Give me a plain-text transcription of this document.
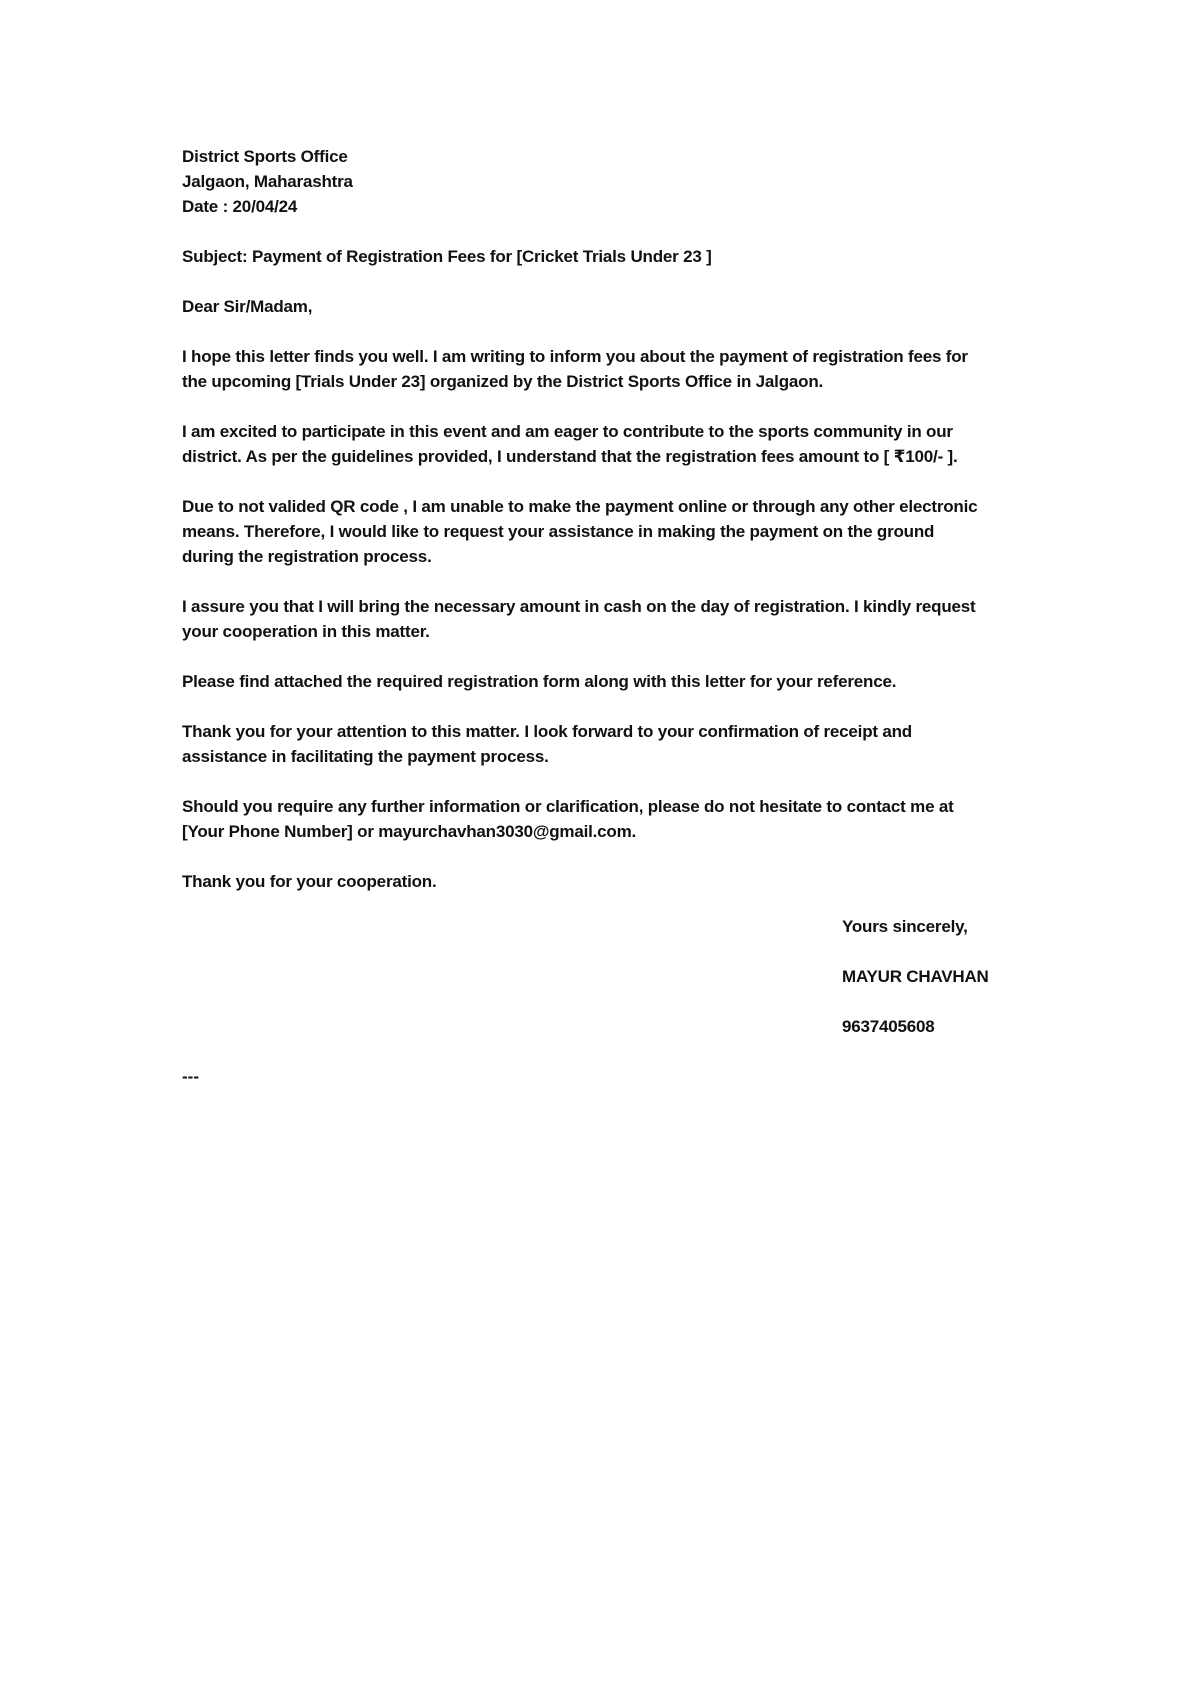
District Sports Office
Jalgaon, Maharashtra
Date : 20/04/24
Subject: Payment of Registration Fees for [Cricket Trials Under 23 ]
Dear Sir/Madam,
I hope this letter finds you well. I am writing to inform you about the payment of registration fees for
the upcoming [Trials Under 23] organized by the District Sports Office in Jalgaon.
I am excited to participate in this event and am eager to contribute to the sports community in our
district. As per the guidelines provided, I understand that the registration fees amount to [ ₹100/- ].
Due to not valided QR code , I am unable to make the payment online or through any other electronic
means. Therefore, I would like to request your assistance in making the payment on the ground
during the registration process.
I assure you that I will bring the necessary amount in cash on the day of registration. I kindly request
your cooperation in this matter.
Please find attached the required registration form along with this letter for your reference.
Thank you for your attention to this matter. I look forward to your confirmation of receipt and
assistance in facilitating the payment process.
Should you require any further information or clarification, please do not hesitate to contact me at
[Your Phone Number] or mayurchavhan3030@gmail.com.
Thank you for your cooperation.
Yours sincerely,
MAYUR CHAVHAN
9637405608
---
